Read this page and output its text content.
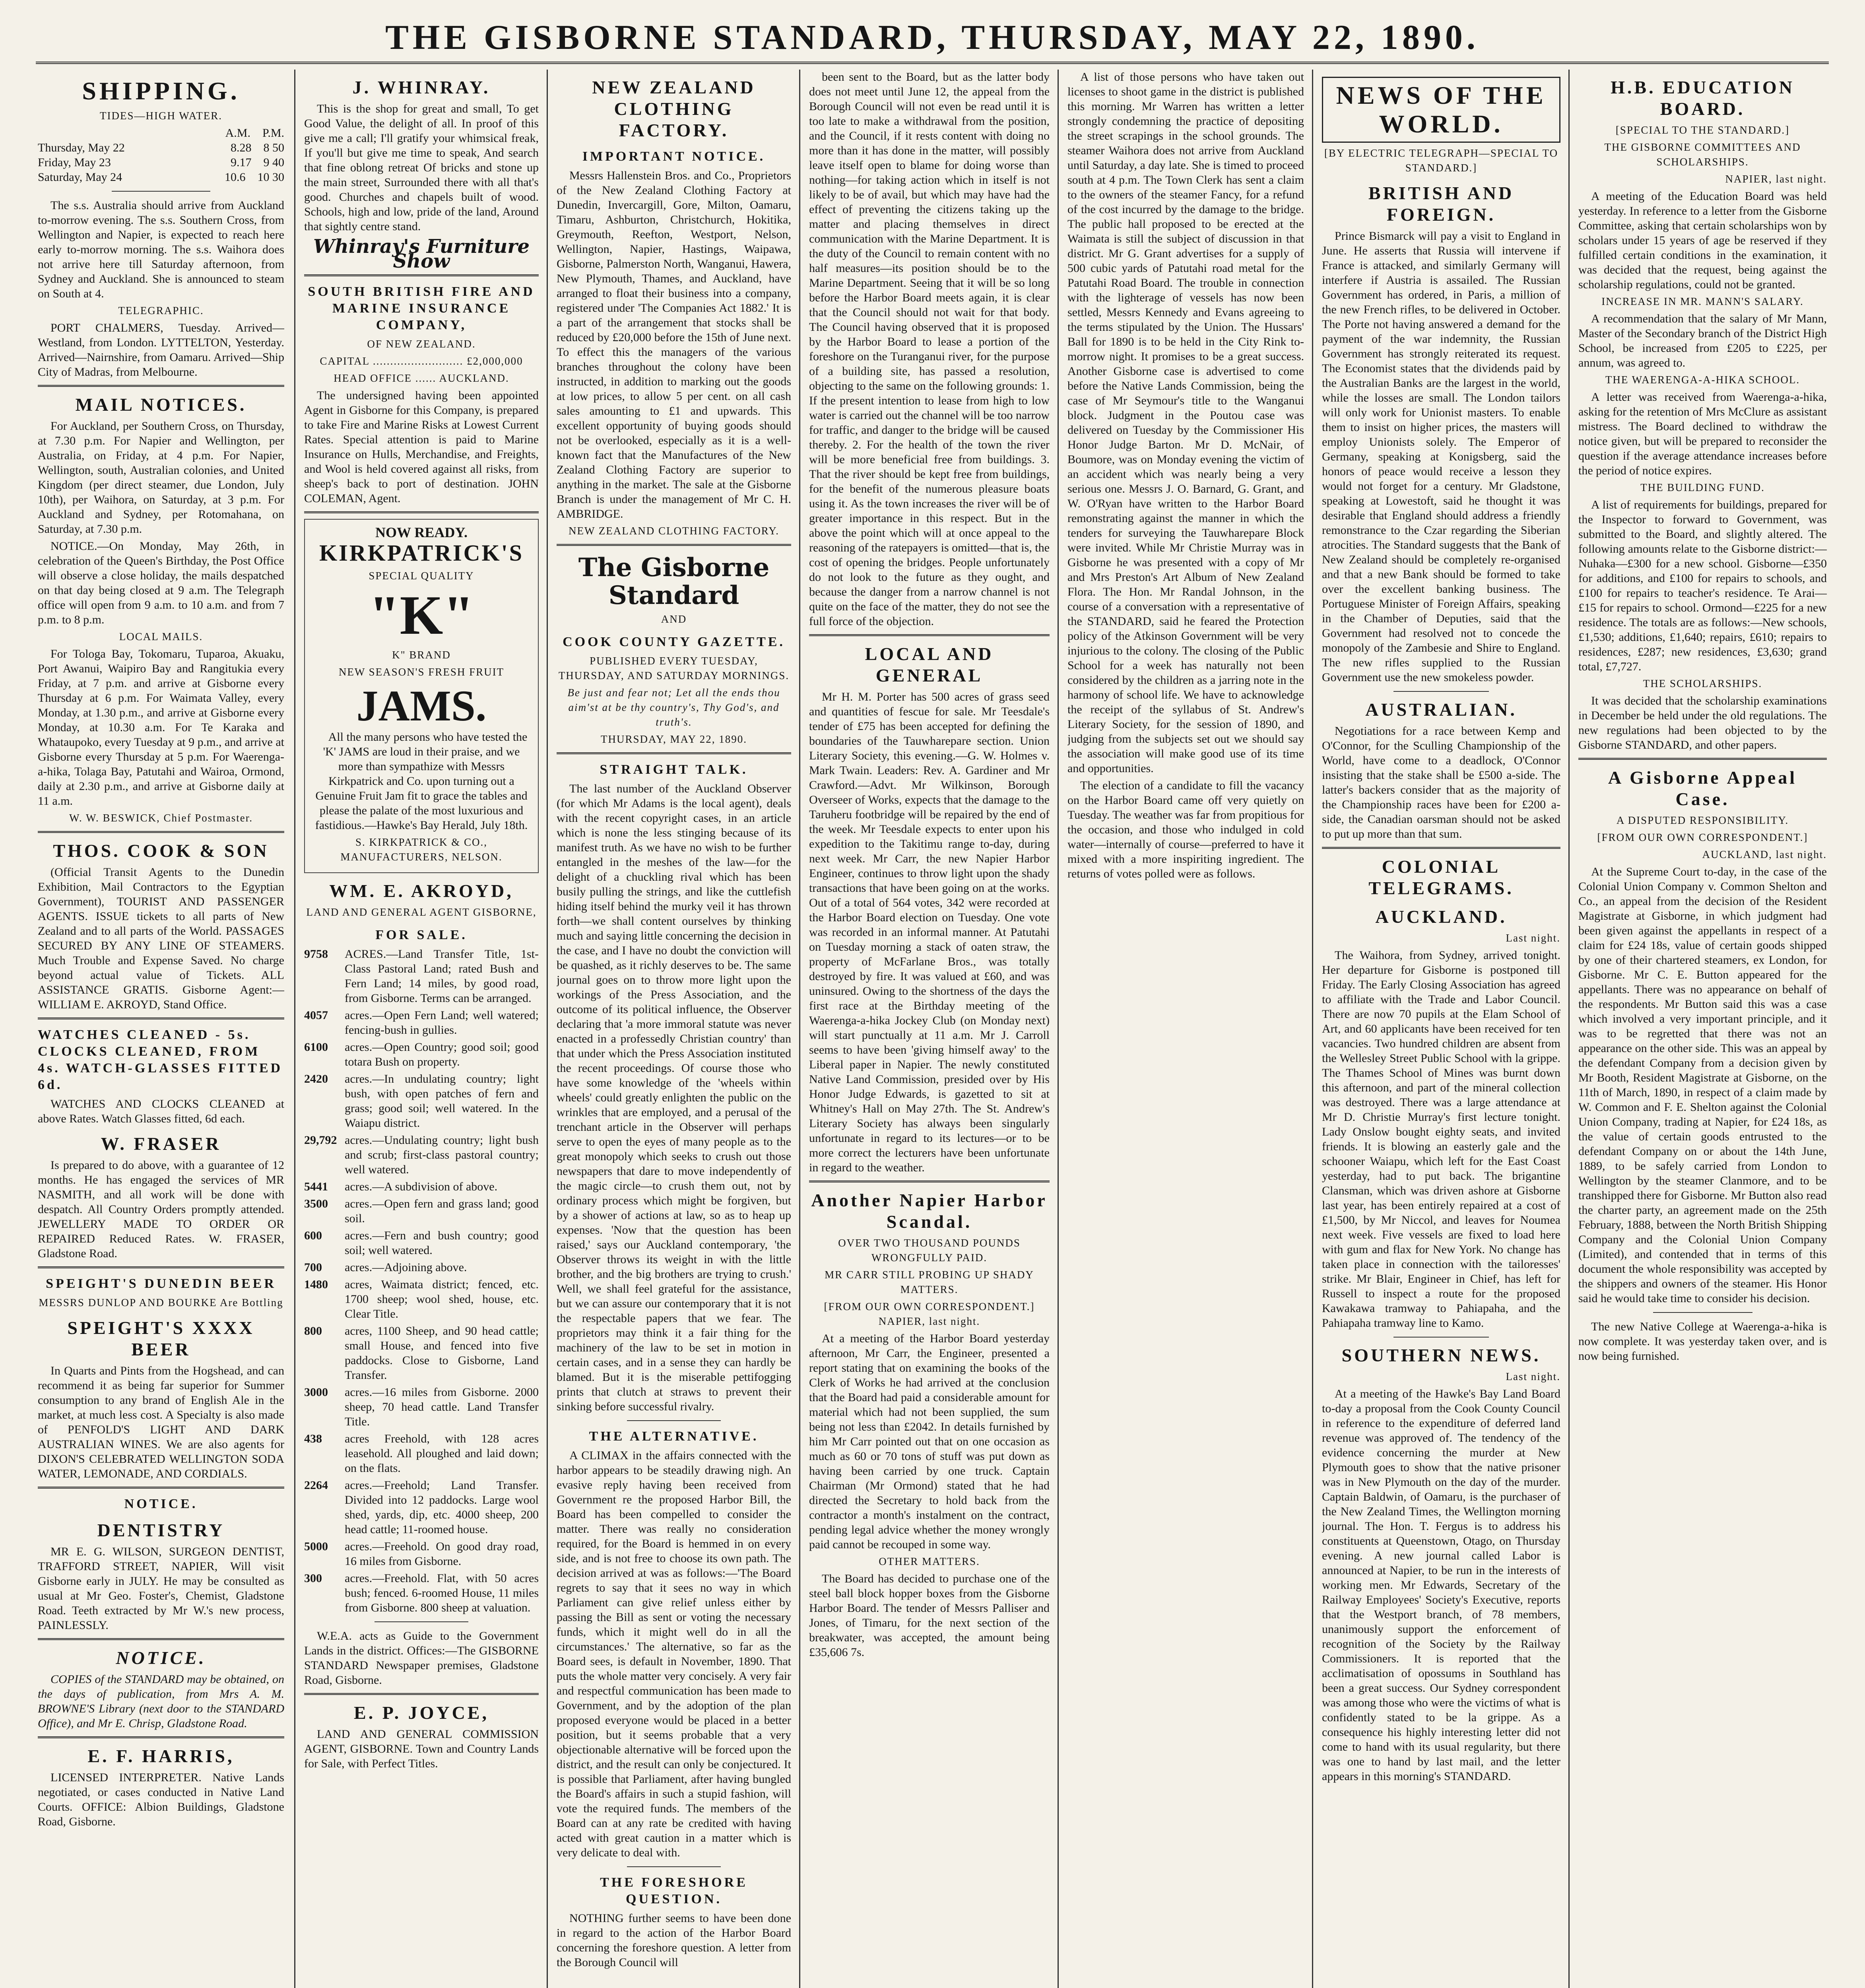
THE GISBORNE STANDARD, THURSDAY, MAY 22, 1890.
SHIPPING.
TIDES—HIGH WATER.
A.M. P.M.
Thursday, May 22	8.28 8 50
Friday, May 23	9.17 9 40
Saturday, May 24	10.6 10 30

The s.s. Australia should arrive from Auckland to-morrow evening. The s.s. Southern Cross, from Wellington and Napier, is expected to reach here early to-morrow morning. The s.s. Waihora does not arrive here till Saturday afternoon, from Sydney and Auckland. She is announced to steam on South at 4.

TELEGRAPHIC.

PORT CHALMERS, Tuesday. Arrived—Westland, from London. LYTTELTON, Yesterday. Arrived—Nairnshire, from Oamaru. Arrived—Ship City of Madras, from Melbourne.

MAIL NOTICES.

For Auckland, per Southern Cross, on Thursday, at 7.30 p.m. For Napier and Wellington, per Australia, on Friday, at 4 p.m. For Napier, Wellington, south, Australian colonies, and United Kingdom (per direct steamer, due London, July 10th), per Waihora, on Saturday, at 3 p.m. For Auckland and Sydney, per Rotomahana, on Saturday, at 7.30 p.m.

NOTICE.—On Monday, May 26th, in celebration of the Queen's Birthday, the Post Office will observe a close holiday, the mails despatched on that day being closed at 9 a.m. The Telegraph office will open from 9 a.m. to 10 a.m. and from 7 p.m. to 8 p.m.

LOCAL MAILS.

For Tologa Bay, Tokomaru, Tuparoa, Akuaku, Port Awanui, Waipiro Bay and Rangitukia every Friday, at 7 p.m. and arrive at Gisborne every Thursday at 6 p.m. For Waimata Valley, every Monday, at 1.30 p.m., and arrive at Gisborne every Monday, at 10.30 a.m. For Te Karaka and Whataupoko, every Tuesday at 9 p.m., and arrive at Gisborne every Thursday at 5 p.m. For Waerenga-a-hika, Tolaga Bay, Patutahi and Wairoa, Ormond, daily at 2.30 p.m., and arrive at Gisborne daily at 11 a.m.

W. W. BESWICK, Chief Postmaster.
THOS. COOK & SON

(Official Transit Agents to the Dunedin Exhibition, Mail Contractors to the Egyptian Government), TOURIST AND PASSENGER AGENTS. ISSUE tickets to all parts of New Zealand and to all parts of the World. PASSAGES SECURED BY ANY LINE OF STEAMERS. Much Trouble and Expense Saved. No charge beyond actual value of Tickets. ALL ASSISTANCE GRATIS. Gisborne Agent:—WILLIAM E. AKROYD, Stand Office.

WATCHES CLEANED - 5s. CLOCKS CLEANED, FROM 4s. WATCH-GLASSES FITTED 6d.

WATCHES AND CLOCKS CLEANED at above Rates. Watch Glasses fitted, 6d each.

W. FRASER

Is prepared to do above, with a guarantee of 12 months. He has engaged the services of MR NASMITH, and all work will be done with despatch. All Country Orders promptly attended. JEWELLERY MADE TO ORDER OR REPAIRED Reduced Rates. W. FRASER, Gladstone Road.

SPEIGHT'S DUNEDIN BEER
MESSRS DUNLOP AND BOURKE Are Bottling
SPEIGHT'S XXXX BEER

In Quarts and Pints from the Hogshead, and can recommend it as being far superior for Summer consumption to any brand of English Ale in the market, at much less cost. A Specialty is also made of PENFOLD'S LIGHT AND DARK AUSTRALIAN WINES. We are also agents for DIXON'S CELEBRATED WELLINGTON SODA WATER, LEMONADE, AND CORDIALS.

NOTICE.
DENTISTRY

MR E. G. WILSON, SURGEON DENTIST, TRAFFORD STREET, NAPIER, Will visit Gisborne early in JULY. He may be consulted as usual at Mr Geo. Foster's, Chemist, Gladstone Road. Teeth extracted by Mr W.'s new process, PAINLESSLY.

NOTICE.

COPIES of the STANDARD may be obtained, on the days of publication, from Mrs A. M. BROWNE'S Library (next door to the STANDARD Office), and Mr E. Chrisp, Gladstone Road.

E. F. HARRIS,

LICENSED INTERPRETER. Native Lands negotiated, or cases conducted in Native Land Courts. OFFICE: Albion Buildings, Gladstone Road, Gisborne.

J. WHINRAY.

This is the shop for great and small, To get Good Value, the delight of all. In proof of this give me a call; I'll gratify your whimsical freak, If you'll but give me time to speak, And search that fine oblong retreat Of bricks and stone up the main street, Surrounded there with all that's good. Churches and chapels built of wood. Schools, high and low, pride of the land, Around that sightly centre stand.

Whinray's Furniture Show
SOUTH BRITISH FIRE AND MARINE INSURANCE COMPANY,
OF NEW ZEALAND.
CAPITAL .......................... £2,000,000
HEAD OFFICE ...... AUCKLAND.

The undersigned having been appointed Agent in Gisborne for this Company, is prepared to take Fire and Marine Risks at Lowest Current Rates. Special attention is paid to Marine Insurance on Hulls, Merchandise, and Freights, and Wool is held covered against all risks, from sheep's back to port of destination. JOHN COLEMAN, Agent.

NOW READY.
KIRKPATRICK'S
SPECIAL QUALITY
"K"
K" BRAND
NEW SEASON'S FRESH FRUIT
JAMS.

All the many persons who have tested the 'K' JAMS are loud in their praise, and we more than sympathize with Messrs Kirkpatrick and Co. upon turning out a Genuine Fruit Jam fit to grace the tables and please the palate of the most luxurious and fastidious.—Hawke's Bay Herald, July 18th.

S. KIRKPATRICK & CO., MANUFACTURERS, NELSON.
WM. E. AKROYD,
LAND AND GENERAL AGENT GISBORNE,
FOR SALE.
9758	ACRES.—Land Transfer Title, 1st-Class Pastoral Land; rated Bush and Fern Land; 14 miles, by good road, from Gisborne. Terms can be arranged.
4057	acres.—Open Fern Land; well watered; fencing-bush in gullies.
6100	acres.—Open Country; good soil; good totara Bush on property.
2420	acres.—In undulating country; light bush, with open patches of fern and grass; good soil; well watered. In the Waiapu district.
29,792 acres.—Undulating country; light bush and scrub; first-class pastoral country; well watered.
5441	acres.—A subdivision of above.
3500	acres.—Open fern and grass land; good soil.
600	acres.—Fern and bush country; good soil; well watered.
700	acres.—Adjoining above.
1480	acres, Waimata district; fenced, etc. 1700 sheep; wool shed, house, etc. Clear Title.
800	acres, 1100 Sheep, and 90 head cattle; small House, and fenced into five paddocks. Close to Gisborne, Land Transfer.
3000	acres.—16 miles from Gisborne. 2000 sheep, 70 head cattle. Land Transfer Title.
438	acres Freehold, with 128 acres leasehold. All ploughed and laid down; on the flats.
2264	acres.—Freehold; Land Transfer. Divided into 12 paddocks. Large wool shed, yards, dip, etc. 4000 sheep, 200 head cattle; 11-roomed house.
5000	acres.—Freehold. On good dray road, 16 miles from Gisborne.
300	acres.—Freehold. Flat, with 50 acres bush; fenced. 6-roomed House, 11 miles from Gisborne. 800 sheep at valuation.

W.E.A. acts as Guide to the Government Lands in the district. Offices:—The GISBORNE STANDARD Newspaper premises, Gladstone Road, Gisborne.

E. P. JOYCE,

LAND AND GENERAL COMMISSION AGENT, GISBORNE. Town and Country Lands for Sale, with Perfect Titles.

NEW ZEALAND CLOTHING FACTORY.
IMPORTANT NOTICE.

Messrs Hallenstein Bros. and Co., Proprietors of the New Zealand Clothing Factory at Dunedin, Invercargill, Gore, Milton, Oamaru, Timaru, Ashburton, Christchurch, Hokitika, Greymouth, Reefton, Westport, Nelson, Wellington, Napier, Hastings, Waipawa, Gisborne, Palmerston North, Wanganui, Hawera, New Plymouth, Thames, and Auckland, have arranged to float their business into a company, registered under 'The Companies Act 1882.' It is a part of the arrangement that stocks shall be reduced by £20,000 before the 15th of June next. To effect this the managers of the various branches throughout the colony have been instructed, in addition to marking out the goods at low prices, to allow 5 per cent. on all cash sales amounting to £1 and upwards. This excellent opportunity of buying goods should not be overlooked, especially as it is a well-known fact that the Manufactures of the New Zealand Clothing Factory are superior to anything in the market. The sale at the Gisborne Branch is under the management of Mr C. H. AMBRIDGE.

NEW ZEALAND CLOTHING FACTORY.
The Gisborne Standard
AND
COOK COUNTY GAZETTE.
PUBLISHED EVERY TUESDAY, THURSDAY, AND SATURDAY MORNINGS.
Be just and fear not; Let all the ends thou aim'st at be thy country's, Thy God's, and truth's.
THURSDAY, MAY 22, 1890.
STRAIGHT TALK.

The last number of the Auckland Observer (for which Mr Adams is the local agent), deals with the recent copyright cases, in an article which is none the less stinging because of its manifest truth. As we have no wish to be further entangled in the meshes of the law—for the delight of a chuckling rival which has been busily pulling the strings, and like the cuttlefish hiding itself behind the murky veil it has thrown forth—we shall content ourselves by thinking much and saying little concerning the decision in the case, and I have no doubt the conviction will be quashed, as it richly deserves to be. The same journal goes on to throw more light upon the workings of the Press Association, and the outcome of its political influence, the Observer declaring that 'a more immoral statute was never enacted in a professedly Christian country' than that under which the Press Association instituted the recent proceedings. Of course those who have some knowledge of the 'wheels within wheels' could greatly enlighten the public on the wrinkles that are employed, and a perusal of the trenchant article in the Observer will perhaps serve to open the eyes of many people as to the great monopoly which seeks to crush out those newspapers that dare to move independently of the magic circle—to crush them out, not by ordinary process which might be forgiven, but by a shower of actions at law, so as to heap up expenses. 'Now that the question has been raised,' says our Auckland contemporary, 'the Observer throws its weight in with the little brother, and the big brothers are trying to crush.' Well, we shall feel grateful for the assistance, but we can assure our contemporary that it is not the respectable papers that we fear. The proprietors may think it a fair thing for the machinery of the law to be set in motion in certain cases, and in a sense they can hardly be blamed. But it is the miserable pettifogging prints that clutch at straws to prevent their sinking before successful rivalry.

THE ALTERNATIVE.

A CLIMAX in the affairs connected with the harbor appears to be steadily drawing nigh. An evasive reply having been received from Government re the proposed Harbor Bill, the Board has been compelled to consider the matter. There was really no consideration required, for the Board is hemmed in on every side, and is not free to choose its own path. The decision arrived at was as follows:—'The Board regrets to say that it sees no way in which Parliament can give relief unless either by passing the Bill as sent or voting the necessary funds, which it might well do in all the circumstances.' The alternative, so far as the Board sees, is default in November, 1890. That puts the whole matter very concisely. A very fair and respectful communication has been made to Government, and by the adoption of the plan proposed everyone would be placed in a better position, but it seems probable that a very objectionable alternative will be forced upon the district, and the result can only be conjectured. It is possible that Parliament, after having bungled the Board's affairs in such a stupid fashion, will vote the required funds. The members of the Board can at any rate be credited with having acted with great caution in a matter which is very delicate to deal with.

THE FORESHORE QUESTION.

NOTHING further seems to have been done in regard to the action of the Harbor Board concerning the foreshore question. A letter from the Borough Council will

been sent to the Board, but as the latter body does not meet until June 12, the appeal from the Borough Council will not even be read until it is too late to make a withdrawal from the position, and the Council, if it rests content with doing no more than it has done in the matter, will possibly leave itself open to blame for doing worse than nothing—for taking action which in itself is not likely to be of avail, but which may have had the effect of preventing the citizens taking up the matter and placing themselves in direct communication with the Marine Department. It is the duty of the Council to remain content with no half measures—its position should be to the Marine Department. Seeing that it will be so long before the Harbor Board meets again, it is clear that the Council should not wait for that body. The Council having observed that it is proposed by the Harbor Board to lease a portion of the foreshore on the Turanganui river, for the purpose of a building site, has passed a resolution, objecting to the same on the following grounds: 1. If the present intention to lease from high to low water is carried out the channel will be too narrow for traffic, and danger to the bridge will be caused thereby. 2. For the health of the town the river will be more beneficial free from buildings. 3. That the river should be kept free from buildings, for the benefit of the numerous pleasure boats using it. As the town increases the river will be of greater importance in this respect. But in the above the point which will at once appeal to the reasoning of the ratepayers is omitted—that is, the cost of opening the bridges. People unfortunately do not look to the future as they ought, and because the danger from a narrow channel is not quite on the face of the matter, they do not see the full force of the objection.

LOCAL AND GENERAL

Mr H. M. Porter has 500 acres of grass seed and quantities of fescue for sale. Mr Teesdale's tender of £75 has been accepted for defining the boundaries of the Tauwharepare section. Union Literary Society, this evening.—G. W. Holmes v. Mark Twain. Leaders: Rev. A. Gardiner and Mr Crawford.—Advt. Mr Wilkinson, Borough Overseer of Works, expects that the damage to the Taruheru footbridge will be repaired by the end of the week. Mr Teesdale expects to enter upon his expedition to the Takitimu range to-day, during next week. Mr Carr, the new Napier Harbor Engineer, continues to throw light upon the shady transactions that have been going on at the works. Out of a total of 564 votes, 342 were recorded at the Harbor Board election on Tuesday. One vote was recorded in an informal manner. At Patutahi on Tuesday morning a stack of oaten straw, the property of McFarlane Bros., was totally destroyed by fire. It was valued at £60, and was uninsured. Owing to the shortness of the days the first race at the Birthday meeting of the Waerenga-a-hika Jockey Club (on Monday next) will start punctually at 11 a.m. Mr J. Carroll seems to have been 'giving himself away' to the Liberal paper in Napier. The newly constituted Native Land Commission, presided over by His Honor Judge Edwards, is gazetted to sit at Whitney's Hall on May 27th. The St. Andrew's Literary Society has always been singularly unfortunate in regard to its lectures—or to be more correct the lecturers have been unfortunate in regard to the weather.

Another Napier Harbor Scandal.
OVER TWO THOUSAND POUNDS WRONGFULLY PAID.
MR CARR STILL PROBING UP SHADY MATTERS.
[FROM OUR OWN CORRESPONDENT.] NAPIER, last night.

At a meeting of the Harbor Board yesterday afternoon, Mr Carr, the Engineer, presented a report stating that on examining the books of the Clerk of Works he had arrived at the conclusion that the Board had paid a considerable amount for material which had not been supplied, the sum being not less than £2042. In details furnished by him Mr Carr pointed out that on one occasion as much as 60 or 70 tons of stuff was put down as having been carried by one truck. Captain Chairman (Mr Ormond) stated that he had directed the Secretary to hold back from the contractor a month's instalment on the contract, pending legal advice whether the money wrongly paid cannot be recouped in some way.

OTHER MATTERS.

The Board has decided to purchase one of the steel ball block hopper boxes from the Gisborne Harbor Board. The tender of Messrs Palliser and Jones, of Timaru, for the next section of the breakwater, was accepted, the amount being £35,606 7s.

A list of those persons who have taken out licenses to shoot game in the district is published this morning. Mr Warren has written a letter strongly condemning the practice of depositing the street scrapings in the school grounds. The steamer Waihora does not arrive from Auckland until Saturday, a day late. She is timed to proceed south at 4 p.m. The Town Clerk has sent a claim to the owners of the steamer Fancy, for a refund of the cost incurred by the damage to the bridge. The public hall proposed to be erected at the Waimata is still the subject of discussion in that district. Mr G. Grant advertises for a supply of 500 cubic yards of Patutahi road metal for the Patutahi Road Board. The trouble in connection with the lighterage of vessels has now been settled, Messrs Kennedy and Evans agreeing to the terms stipulated by the Union. The Hussars' Ball for 1890 is to be held in the City Rink to-morrow night. It promises to be a great success. Another Gisborne case is advertised to come before the Native Lands Commission, being the case of Mr Seymour's title to the Wanganui block. Judgment in the Poutou case was delivered on Tuesday by the Commissioner His Honor Judge Barton. Mr D. McNair, of Boumore, was on Monday evening the victim of an accident which was nearly being a very serious one. Messrs J. O. Barnard, G. Grant, and W. O'Ryan have written to the Harbor Board remonstrating against the manner in which the tenders for surveying the Tauwharepare Block were invited. While Mr Christie Murray was in Gisborne he was presented with a copy of Mr and Mrs Preston's Art Album of New Zealand Flora. The Hon. Mr Randal Johnson, in the course of a conversation with a representative of the STANDARD, said he feared the Protection policy of the Atkinson Government will be very injurious to the colony. The closing of the Public School for a week has naturally not been considered by the children as a jarring note in the harmony of school life. We have to acknowledge the receipt of the syllabus of St. Andrew's Literary Society, for the session of 1890, and judging from the subjects set out we should say the association will make good use of its time and opportunities.

The election of a candidate to fill the vacancy on the Harbor Board came off very quietly on Tuesday. The weather was far from propitious for the occasion, and those who indulged in cold water—internally of course—preferred to have it mixed with a more inspiriting ingredient. The returns of votes polled were as follows.

NEWS OF THE WORLD.
[BY ELECTRIC TELEGRAPH—SPECIAL TO STANDARD.]
BRITISH AND FOREIGN.

Prince Bismarck will pay a visit to England in June. He asserts that Russia will intervene if France is attacked, and similarly Germany will interfere if Austria is assailed. The Russian Government has ordered, in Paris, a million of the new French rifles, to be delivered in October. The Porte not having answered a demand for the payment of the war indemnity, the Russian Government has strongly reiterated its request. The Economist states that the dividends paid by the Australian Banks are the largest in the world, while the losses are small. The London tailors will only work for Unionist masters. To enable them to insist on higher prices, the masters will employ Unionists solely. The Emperor of Germany, speaking at Konigsberg, said the honors of peace would receive a lesson they would not forget for a century. Mr Gladstone, speaking at Lowestoft, said he thought it was desirable that England should address a friendly remonstrance to the Czar regarding the Siberian atrocities. The Standard suggests that the Bank of New Zealand should be completely re-organised and that a new Bank should be formed to take over the excellent banking business. The Portuguese Minister of Foreign Affairs, speaking in the Chamber of Deputies, said that the Government had resolved not to concede the monopoly of the Zambesie and Shire to England. The new rifles supplied to the Russian Government use the new smokeless powder.

AUSTRALIAN.

Negotiations for a race between Kemp and O'Connor, for the Sculling Championship of the World, have come to a deadlock, O'Connor insisting that the stake shall be £500 a-side. The latter's backers consider that as the majority of the Championship races have been for £200 a-side, the Canadian oarsman should not be asked to put up more than that sum.

COLONIAL TELEGRAMS.
AUCKLAND.
Last night.

The Waihora, from Sydney, arrived tonight. Her departure for Gisborne is postponed till Friday. The Early Closing Association has agreed to affiliate with the Trade and Labor Council. There are now 70 pupils at the Elam School of Art, and 60 applicants have been received for ten vacancies. Two hundred children are absent from the Wellesley Street Public School with la grippe. The Thames School of Mines was burnt down this afternoon, and part of the mineral collection was destroyed. There was a large attendance at Mr D. Christie Murray's first lecture tonight. Lady Onslow bought eighty seats, and invited friends. It is blowing an easterly gale and the schooner Waiapu, which left for the East Coast yesterday, had to put back. The brigantine Clansman, which was driven ashore at Gisborne last year, has been entirely repaired at a cost of £1,500, by Mr Niccol, and leaves for Noumea next week. Five vessels are fixed to load here with gum and flax for New York. No change has taken place in connection with the tailoresses' strike. Mr Blair, Engineer in Chief, has left for Russell to inspect a route for the proposed Kawakawa tramway to Pahiapaha, and the Pahiapaha tramway line to Kamo.

SOUTHERN NEWS.
Last night.

At a meeting of the Hawke's Bay Land Board to-day a proposal from the Cook County Council in reference to the expenditure of deferred land revenue was approved of. The tendency of the evidence concerning the murder at New Plymouth goes to show that the native prisoner was in New Plymouth on the day of the murder. Captain Baldwin, of Oamaru, is the purchaser of the New Zealand Times, the Wellington morning journal. The Hon. T. Fergus is to address his constituents at Queenstown, Otago, on Thursday evening. A new journal called Labor is announced at Napier, to be run in the interests of working men. Mr Edwards, Secretary of the Railway Employees' Society's Executive, reports that the Westport branch, of 78 members, unanimously support the enforcement of recognition of the Society by the Railway Commissioners. It is reported that the acclimatisation of opossums in Southland has been a great success. Our Sydney correspondent was among those who were the victims of what is confidently stated to be la grippe. As a consequence his highly interesting letter did not come to hand with its usual regularity, but there was one to hand by last mail, and the letter appears in this morning's STANDARD.

H.B. EDUCATION BOARD.
[SPECIAL TO THE STANDARD.]
THE GISBORNE COMMITTEES AND SCHOLARSHIPS.
NAPIER, last night.

A meeting of the Education Board was held yesterday. In reference to a letter from the Gisborne Committee, asking that certain scholarships won by scholars under 15 years of age be reserved if they fulfilled certain conditions in the examination, it was decided that the request, being against the scholarship regulations, could not be granted.

INCREASE IN MR. MANN'S SALARY.

A recommendation that the salary of Mr Mann, Master of the Secondary branch of the District High School, be increased from £205 to £225, per annum, was agreed to.

THE WAERENGA-A-HIKA SCHOOL.

A letter was received from Waerenga-a-hika, asking for the retention of Mrs McClure as assistant mistress. The Board declined to withdraw the notice given, but will be prepared to reconsider the question if the average attendance increases before the period of notice expires.

THE BUILDING FUND.

A list of requirements for buildings, prepared for the Inspector to forward to Government, was submitted to the Board, and slightly altered. The following amounts relate to the Gisborne district:—Nuhaka—£300 for a new school. Gisborne—£350 for additions, and £100 for repairs to schools, and £100 for repairs to teacher's residence. Te Arai—£15 for repairs to school. Ormond—£225 for a new residence. The totals are as follows:—New schools, £1,530; additions, £1,640; repairs, £610; repairs to residences, £287; new residences, £3,630; grand total, £7,727.

THE SCHOLARSHIPS.

It was decided that the scholarship examinations in December be held under the old regulations. The new regulations had been objected to by the Gisborne STANDARD, and other papers.

A Gisborne Appeal Case.
A DISPUTED RESPONSIBILITY.
[FROM OUR OWN CORRESPONDENT.]
AUCKLAND, last night.

At the Supreme Court to-day, in the case of the Colonial Union Company v. Common Shelton and Co., an appeal from the decision of the Resident Magistrate at Gisborne, in which judgment had been given against the appellants in respect of a claim for £24 18s, value of certain goods shipped by one of their chartered steamers, ex London, for Gisborne. Mr C. E. Button appeared for the appellants. There was no appearance on behalf of the respondents. Mr Button said this was a case which involved a very important principle, and it was to be regretted that there was not an appearance on the other side. This was an appeal by the defendant Company from a decision given by Mr Booth, Resident Magistrate at Gisborne, on the 11th of March, 1890, in respect of a claim made by W. Common and F. E. Shelton against the Colonial Union Company, trading at Napier, for £24 18s, as the value of certain goods entrusted to the defendant Company on or about the 14th June, 1889, to be safely carried from London to Wellington by the steamer Clanmore, and to be transhipped there for Gisborne. Mr Button also read the charter party, an agreement made on the 25th February, 1888, between the North British Shipping Company and the Colonial Union Company (Limited), and contended that in terms of this document the whole responsibility was accepted by the shippers and owners of the steamer. His Honor said he would take time to consider his decision.

The new Native College at Waerenga-a-hika is now complete. It was yesterday taken over, and is now being furnished.
